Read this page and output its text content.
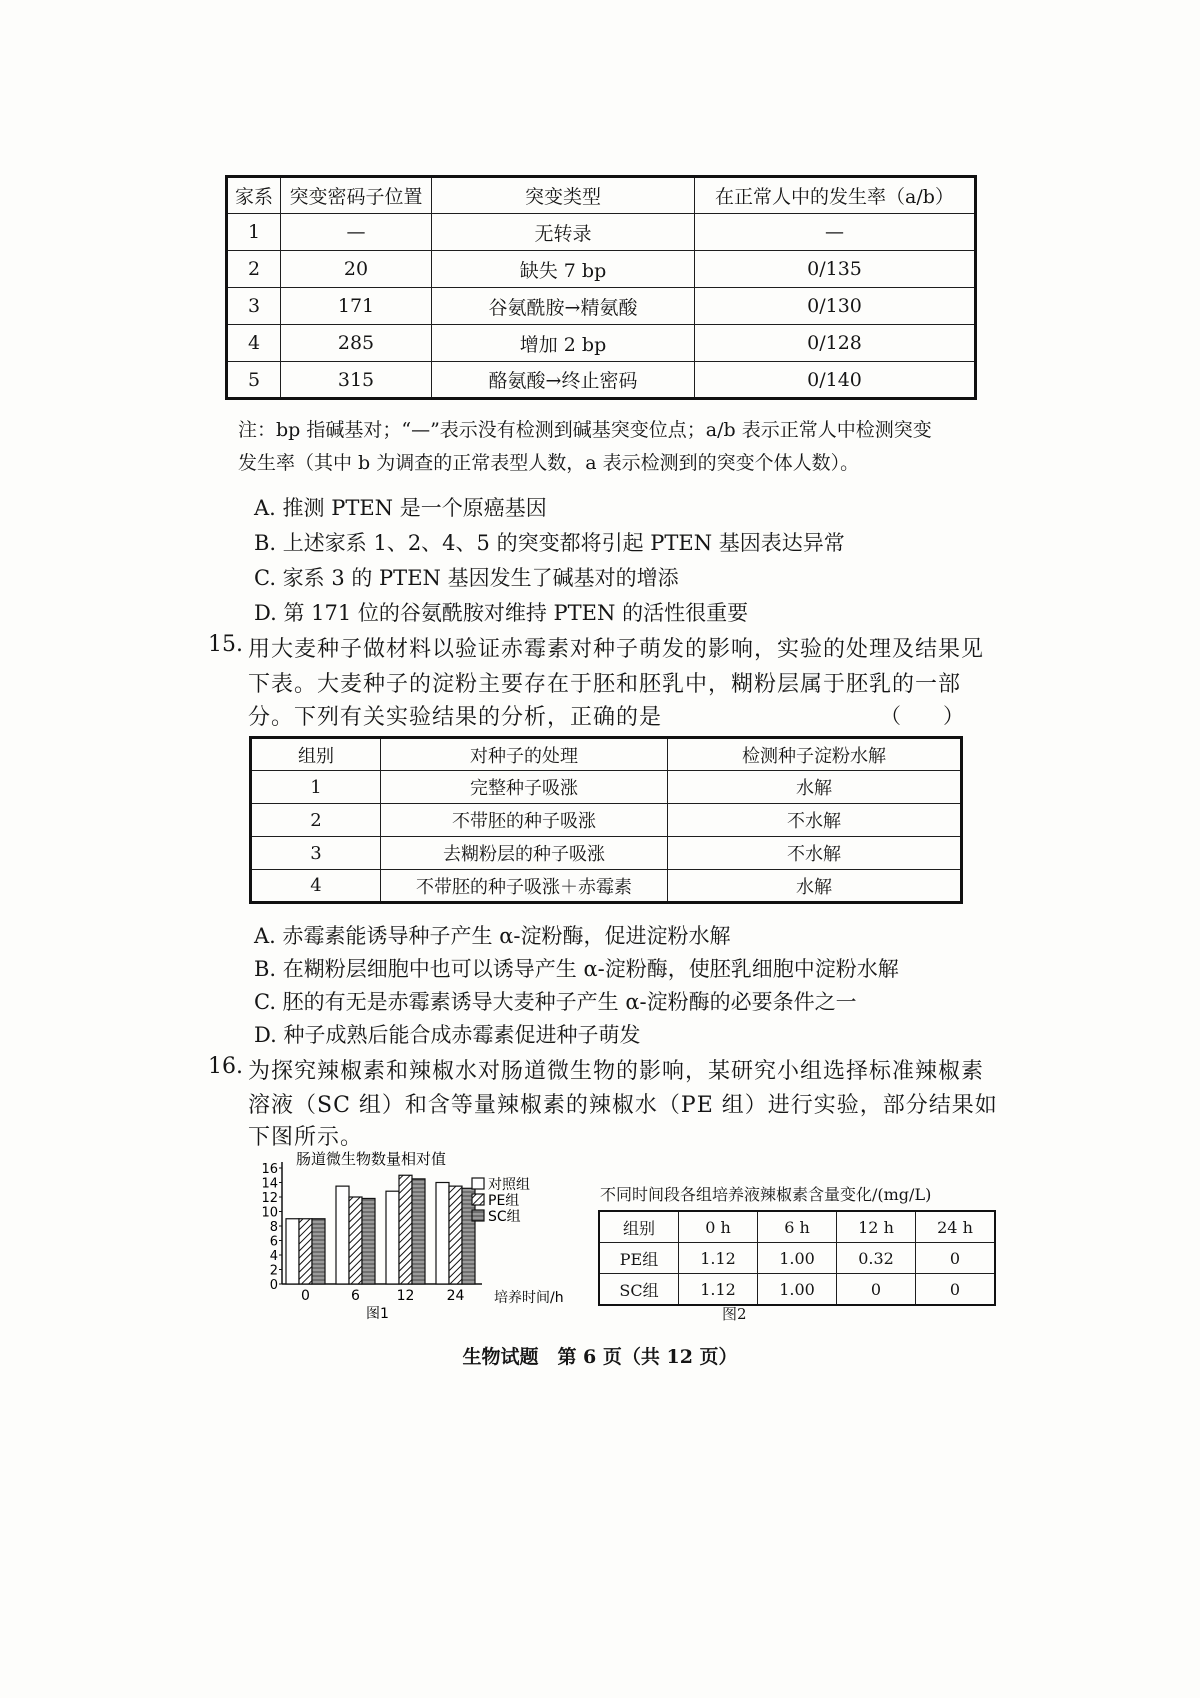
家系	突变密码子位置	突变类型	在正常人中的发生率（a/b）
1	—	无转录	—
2	20	缺失 7 bp	0/135
3	171	谷氨酰胺→精氨酸	0/130
4	285	增加 2 bp	0/128
5	315	酪氨酸→终止密码	0/140
注：bp 指碱基对；“—”表示没有检测到碱基突变位点；a/b 表示正常人中检测突变
发生率（其中 b 为调查的正常表型人数，a 表示检测到的突变个体人数）。
A. 推测 PTEN 是一个原癌基因
B. 上述家系 1、2、4、5 的突变都将引起 PTEN 基因表达异常
C. 家系 3 的 PTEN 基因发生了碱基对的增添
D. 第 171 位的谷氨酰胺对维持 PTEN 的活性很重要
15. 用大麦种子做材料以验证赤霉素对种子萌发的影响，实验的处理及结果见
下表。大麦种子的淀粉主要存在于胚和胚乳中，糊粉层属于胚乳的一部
分。下列有关实验结果的分析，正确的是	（　　）
组别	对种子的处理	检测种子淀粉水解
1	完整种子吸涨	水解
2	不带胚的种子吸涨	不水解
3	去糊粉层的种子吸涨	不水解
4	不带胚的种子吸涨＋赤霉素	水解
A. 赤霉素能诱导种子产生 α-淀粉酶，促进淀粉水解
B. 在糊粉层细胞中也可以诱导产生 α-淀粉酶，使胚乳细胞中淀粉水解
C. 胚的有无是赤霉素诱导大麦种子产生 α-淀粉酶的必要条件之一
D. 种子成熟后能合成赤霉素促进种子萌发
16. 为探究辣椒素和辣椒水对肠道微生物的影响，某研究小组选择标准辣椒素
溶液（SC 组）和含等量辣椒素的辣椒水（PE 组）进行实验，部分结果如
下图所示。
肠道微生物数量相对值
0
2
4
6
8
10
12
14
16
0	6	12 24
对照组
PE组
SC组
培养时间/h
图1
不同时间段各组培养液辣椒素含量变化/(mg/L)
组别	0 h	6 h	12 h	24 h
PE组	1.12	1.00	0.32	0
SC组	1.12	1.00	0	0
图2
生物试题　第 6 页（共 12 页）
